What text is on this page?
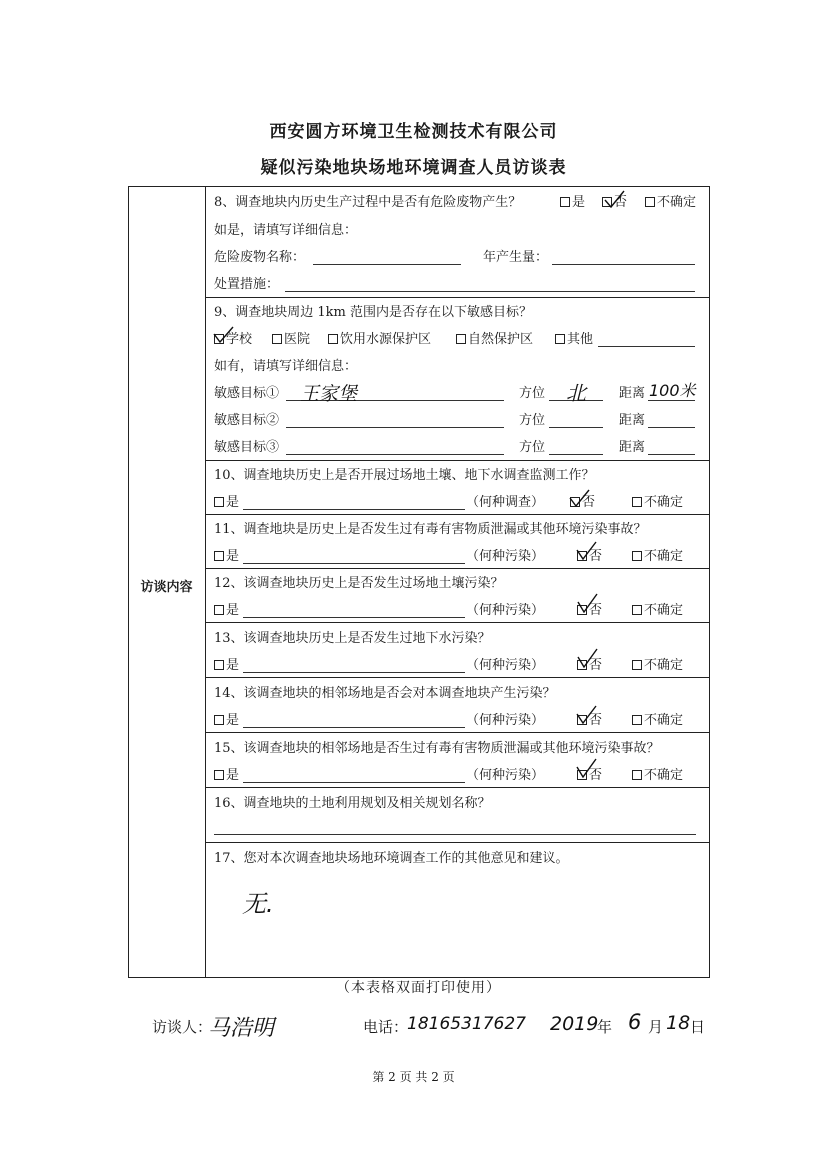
西安圆方环境卫生检测技术有限公司
疑似污染地块场地环境调查人员访谈表
访谈内容
8、调查地块内历史生产过程中是否有危险废物产生？	是	否	不确定
如是，请填写详细信息：
危险废物名称：	年产生量：
处置措施：
9、调查地块周边 1km 范围内是否存在以下敏感目标？
学校	医院	饮用水源保护区	自然保护区	其他
如有，请填写详细信息：
敏感目标① 王家堡	方位 北	距离 100米
敏感目标②	方位	距离
敏感目标③	方位	距离
10、调查地块历史上是否开展过场地土壤、地下水调查监测工作？
是	（何种调查）	否	不确定
11、调查地块是历史上是否发生过有毒有害物质泄漏或其他环境污染事故？
是	（何种污染）	否	不确定
12、该调查地块历史上是否发生过场地土壤污染？
是	（何种污染）	否	不确定
13、该调查地块历史上是否发生过地下水污染？
是	（何种污染）	否	不确定
14、该调查地块的相邻场地是否会对本调查地块产生污染？
是	（何种污染）	否	不确定
15、该调查地块的相邻场地是否生过有毒有害物质泄漏或其他环境污染事故？
是	（何种污染）	否	不确定
16、调查地块的土地利用规划及相关规划名称？
17、您对本次调查地块场地环境调查工作的其他意见和建议。
无.
（本表格双面打印使用）
访谈人：
马浩明	电话：
18165317627 2019
年 6 月 18 日
第 2 页 共 2 页
